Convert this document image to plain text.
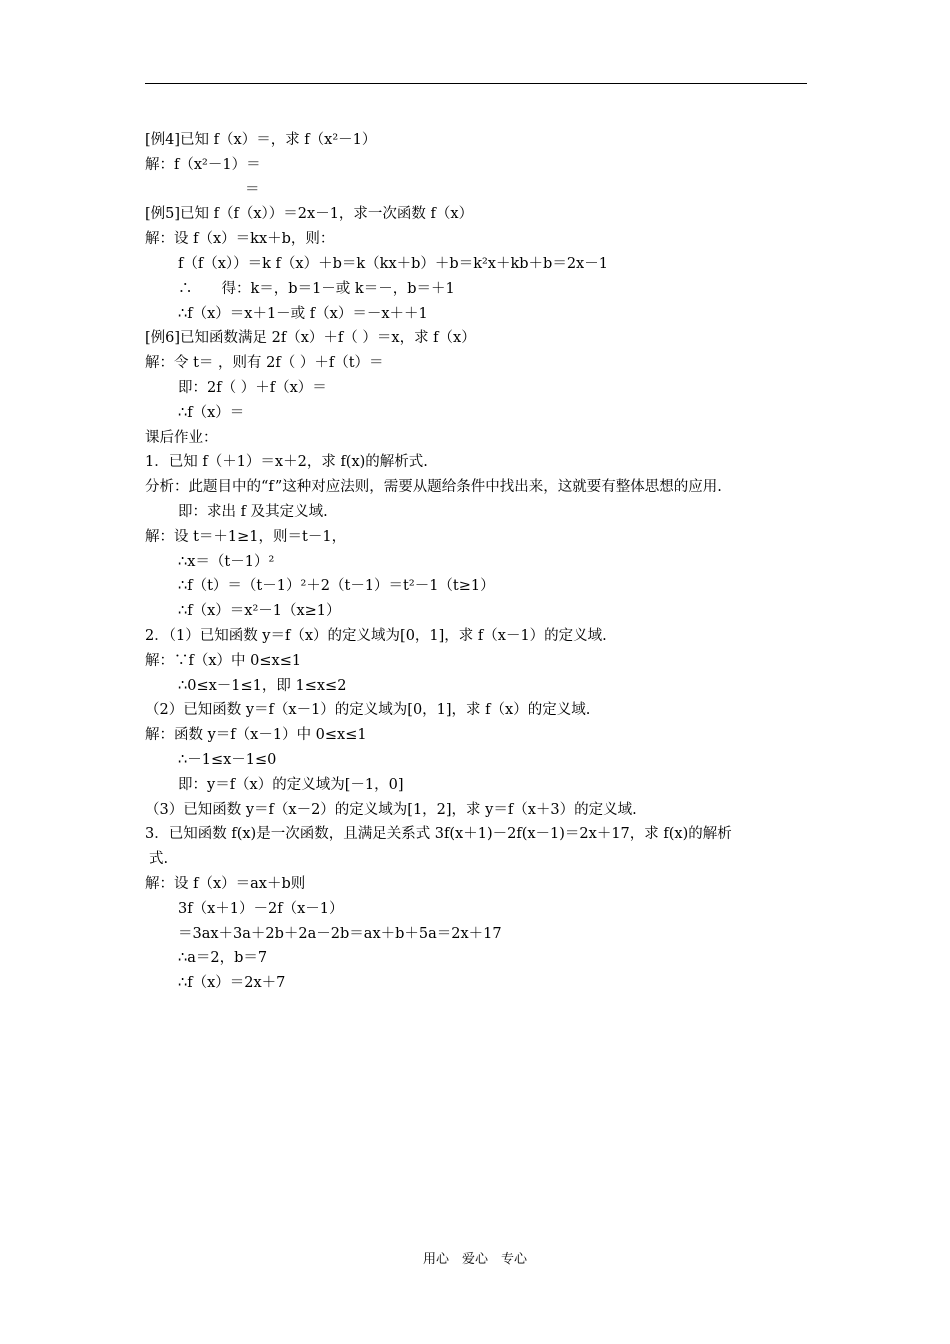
[例4]已知 f（x）＝，求 f（x²－1）
解：f（x²－1）＝
＝
[例5]已知 f（f（x））＝2x－1，求一次函数 f（x）
解：设 f（x）＝kx＋b，则：
f（f（x））＝k f（x）＋b＝k（kx＋b）＋b＝k²x＋kb＋b＝2x－1
∴　　得：k＝，b＝1－或 k＝－，b＝＋1
∴f（x）＝x＋1－或 f（x）＝－x＋＋1
[例6]已知函数满足 2f（x）＋f（ ）＝x，求 f（x）
解：令 t＝ ，则有 2f（ ）＋f（t）＝
即：2f（ ）＋f（x）＝
∴f（x）＝
课后作业：
1．已知 f（＋1）＝x＋2，求 f(x)的解析式.
分析：此题目中的“f”这种对应法则，需要从题给条件中找出来，这就要有整体思想的应用.
即：求出 f 及其定义域.
解：设 t＝＋1≥1，则＝t－1，
∴x＝（t－1）²
∴f（t）＝（t－1）²＋2（t－1）＝t²－1（t≥1）
∴f（x）＝x²－1（x≥1）
2．（1）已知函数 y＝f（x）的定义域为[0，1]，求 f（x－1）的定义域.
解：∵f（x）中 0≤x≤1
∴0≤x－1≤1，即 1≤x≤2
（2）已知函数 y＝f（x－1）的定义域为[0，1]，求 f（x）的定义域.
解：函数 y＝f（x－1）中 0≤x≤1
∴－1≤x－1≤0
即：y＝f（x）的定义域为[－1，0]
（3）已知函数 y＝f（x－2）的定义域为[1，2]，求 y＝f（x＋3）的定义域.
3．已知函数 f(x)是一次函数，且满足关系式 3f(x＋1)－2f(x－1)＝2x＋17，求 f(x)的解析
式.
解：设 f（x）＝ax＋b则
3f（x＋1）－2f（x－1）
＝3ax＋3a＋2b＋2a－2b＝ax＋b＋5a＝2x＋17
∴a＝2，b＝7
∴f（x）＝2x＋7
用心　爱心　专心
